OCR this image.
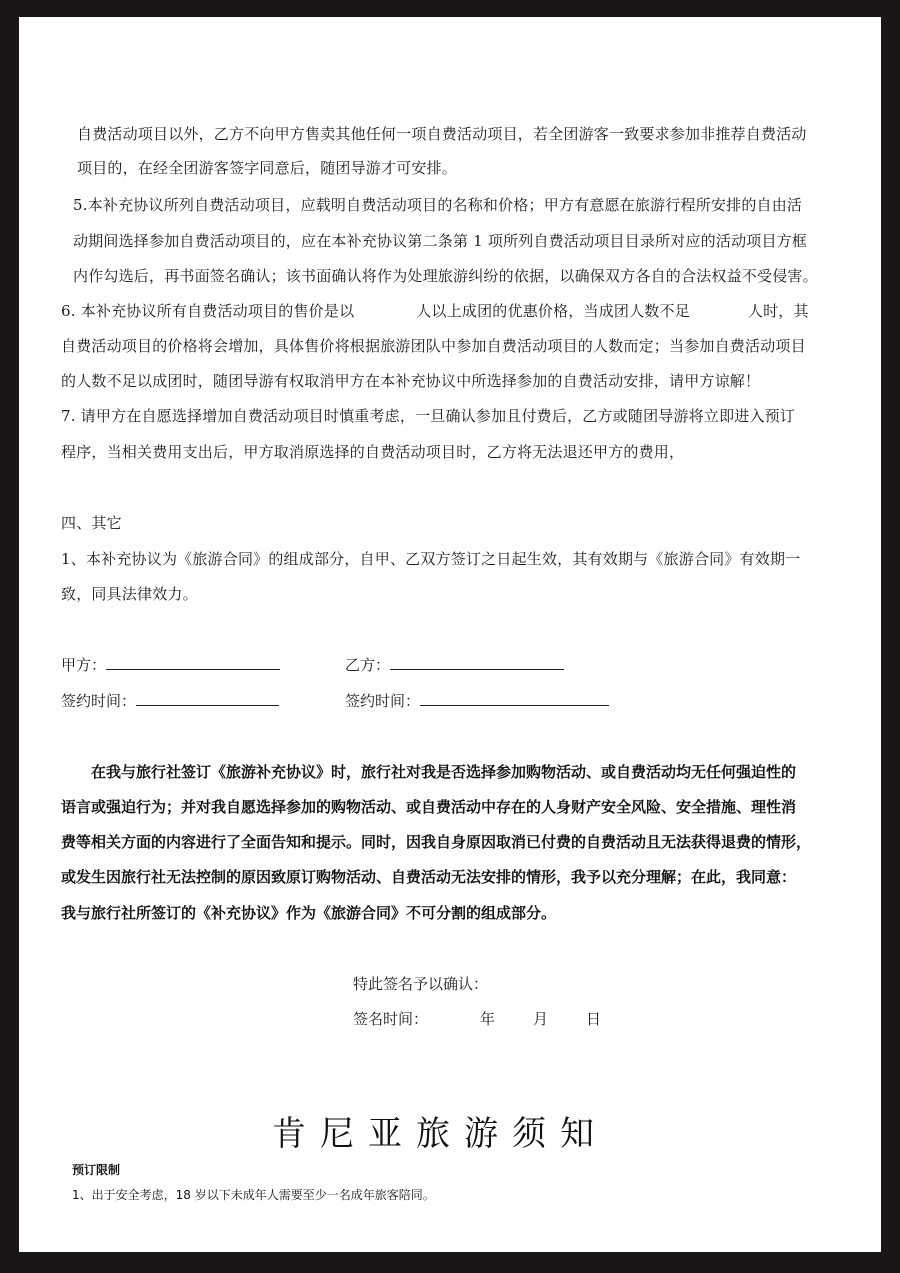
自费活动项目以外，乙方不向甲方售卖其他任何一项自费活动项目，若全团游客一致要求参加非推荐自费活动
项目的，在经全团游客签字同意后，随团导游才可安排。
5.本补充协议所列自费活动项目，应载明自费活动项目的名称和价格；甲方有意愿在旅游行程所安排的自由活
动期间选择参加自费活动项目的，应在本补充协议第二条第 1 项所列自费活动项目目录所对应的活动项目方框
内作勾选后，再书面签名确认；该书面确认将作为处理旅游纠纷的依据，以确保双方各自的合法权益不受侵害。
6. 本补充协议所有自费活动项目的售价是以	人以上成团的优惠价格，当成团人数不足	人时，其
自费活动项目的价格将会增加，具体售价将根据旅游团队中参加自费活动项目的人数而定；当参加自费活动项目
的人数不足以成团时，随团导游有权取消甲方在本补充协议中所选择参加的自费活动安排，请甲方谅解！
7. 请甲方在自愿选择增加自费活动项目时慎重考虑，一旦确认参加且付费后，乙方或随团导游将立即进入预订
程序，当相关费用支出后，甲方取消原选择的自费活动项目时，乙方将无法退还甲方的费用，
四、其它
1、本补充协议为《旅游合同》的组成部分，自甲、乙双方签订之日起生效，其有效期与《旅游合同》有效期一
致，同具法律效力。
甲方：	乙方：
签约时间：	签约时间：
在我与旅行社签订《旅游补充协议》时，旅行社对我是否选择参加购物活动、或自费活动均无任何强迫性的
语言或强迫行为；并对我自愿选择参加的购物活动、或自费活动中存在的人身财产安全风险、安全措施、理性消
费等相关方面的内容进行了全面告知和提示。同时，因我自身原因取消已付费的自费活动且无法获得退费的情形，
或发生因旅行社无法控制的原因致原订购物活动、自费活动无法安排的情形，我予以充分理解；在此，我同意：
我与旅行社所签订的《补充协议》作为《旅游合同》不可分割的组成部分。
特此签名予以确认：
签名时间：	年	月	日
肯尼亚旅游须知
预订限制
1、出于安全考虑，18 岁以下未成年人需要至少一名成年旅客陪同。
